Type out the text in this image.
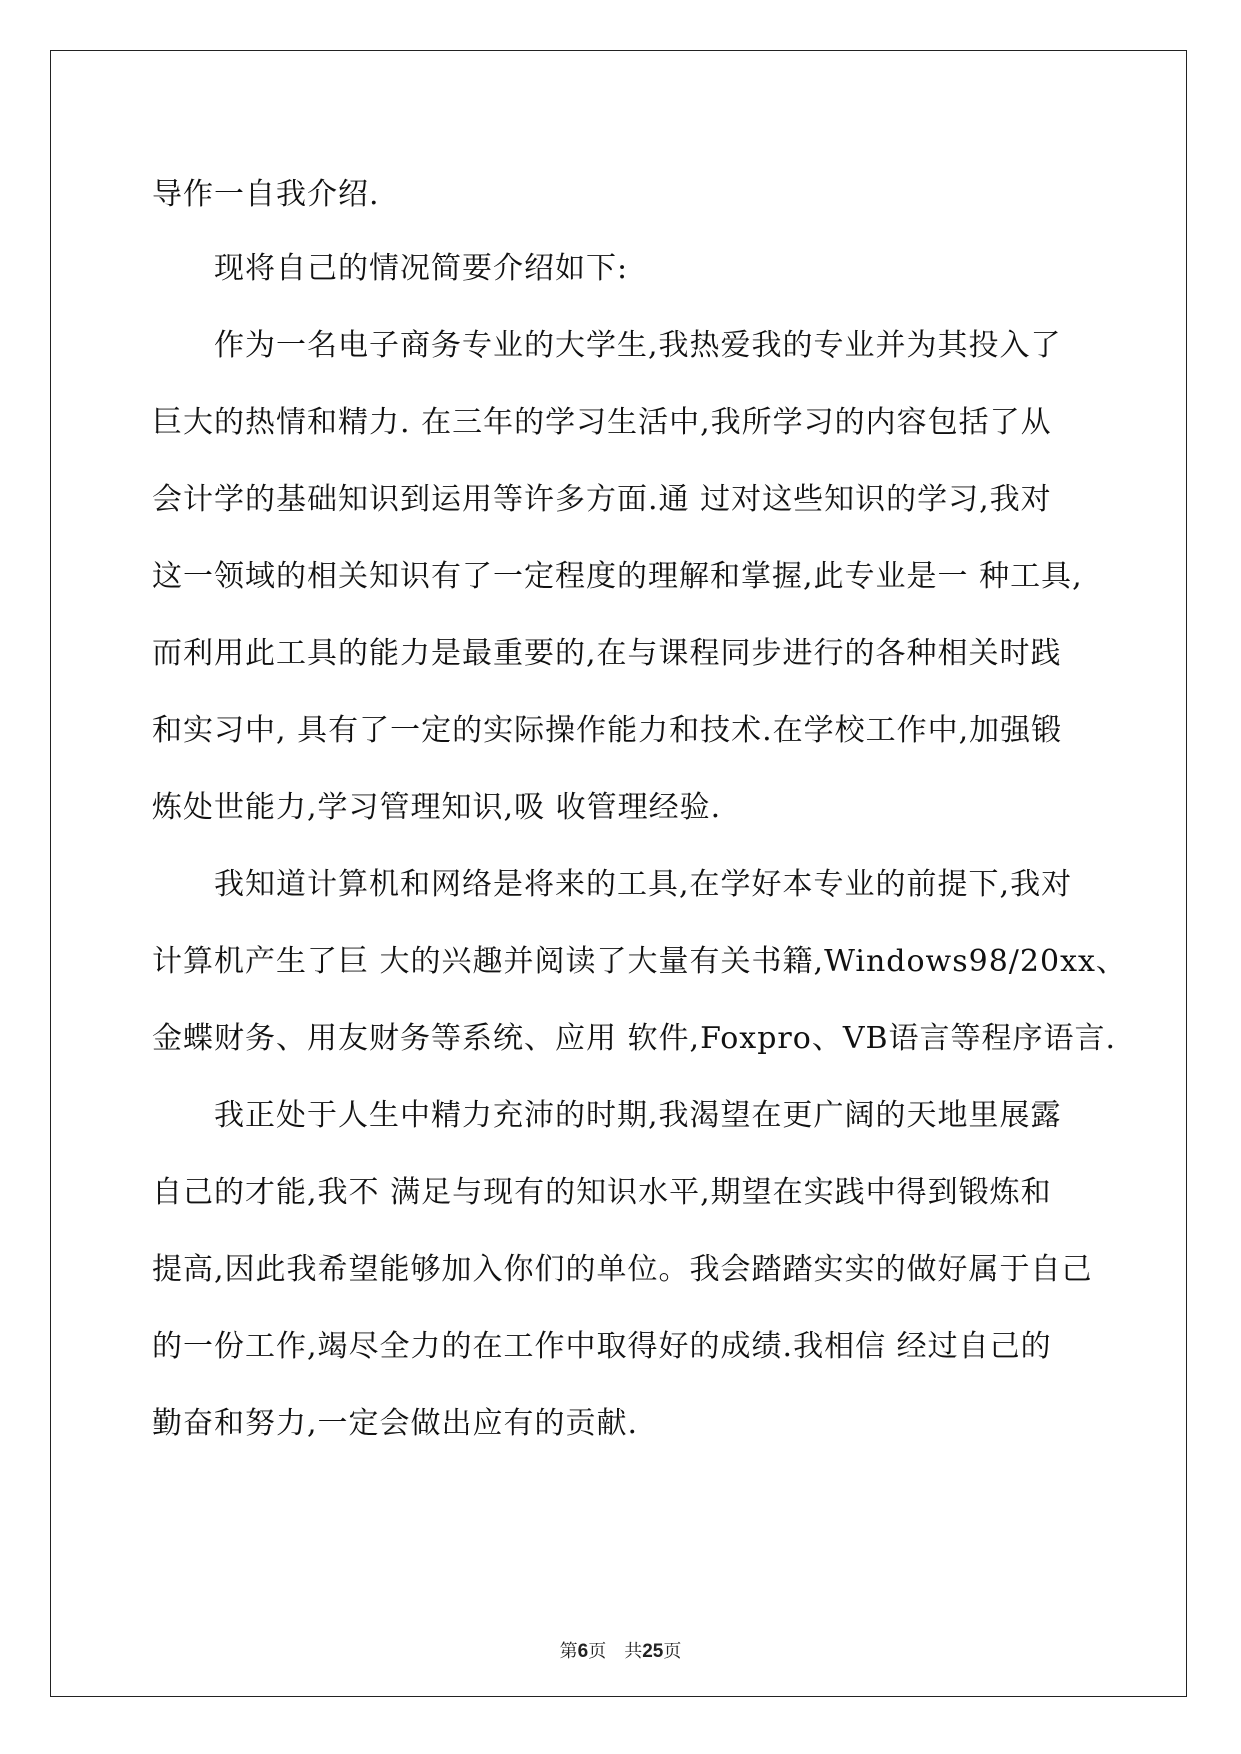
导作一自我介绍.
现将自己的情况简要介绍如下:
作为一名电子商务专业的大学生,我热爱我的专业并为其投入了
巨大的热情和精力. 在三年的学习生活中,我所学习的内容包括了从
会计学的基础知识到运用等许多方面.通 过对这些知识的学习,我对
这一领域的相关知识有了一定程度的理解和掌握,此专业是一 种工具,
而利用此工具的能力是最重要的,在与课程同步进行的各种相关时践
和实习中, 具有了一定的实际操作能力和技术.在学校工作中,加强锻
炼处世能力,学习管理知识,吸 收管理经验.
我知道计算机和网络是将来的工具,在学好本专业的前提下,我对
计算机产生了巨 大的兴趣并阅读了大量有关书籍,Windows98/20xx、
金蝶财务、用友财务等系统、应用 软件,Foxpro、VB语言等程序语言.
我正处于人生中精力充沛的时期,我渴望在更广阔的天地里展露
自己的才能,我不 满足与现有的知识水平,期望在实践中得到锻炼和
提高,因此我希望能够加入你们的单位。我会踏踏实实的做好属于自己
的一份工作,竭尽全力的在工作中取得好的成绩.我相信 经过自己的
勤奋和努力,一定会做出应有的贡献.
第6页 共25页
